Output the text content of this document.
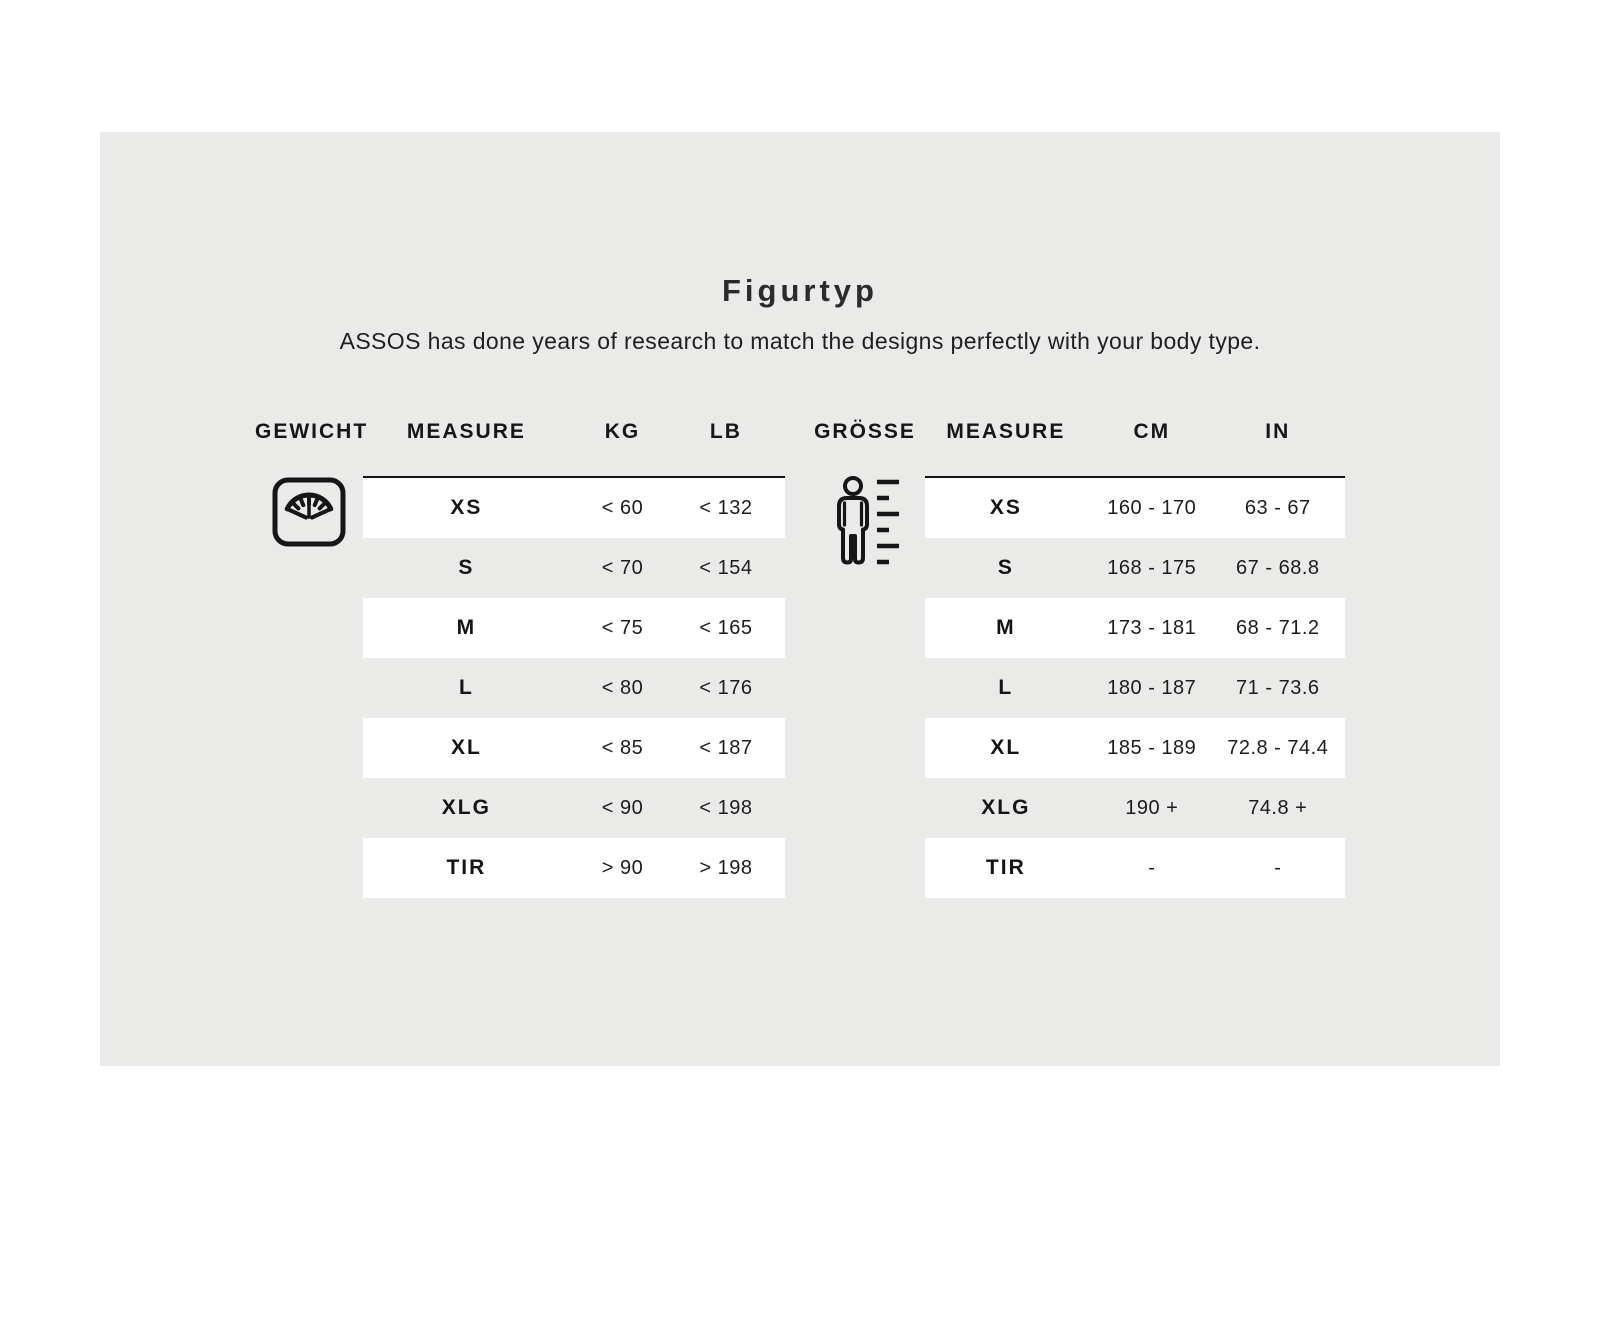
Figurtyp

ASSOS has done years of research to match the designs perfectly with your body type.

GEWICHT	MEASURE	KG	LB
XS	< 60	< 132
S	< 70	< 154
M	< 75	< 165
L	< 80	< 176
XL	< 85	< 187
XLG	< 90	< 198
TIR	> 90	> 198
GRÖSSE	MEASURE	CM	IN
XS	160 - 170	63 - 67
S	168 - 175	67 - 68.8
M	173 - 181	68 - 71.2
L	180 - 187	71 - 73.6
XL	185 - 189	72.8 - 74.4
XLG	190 +	74.8 +
TIR	-	-
